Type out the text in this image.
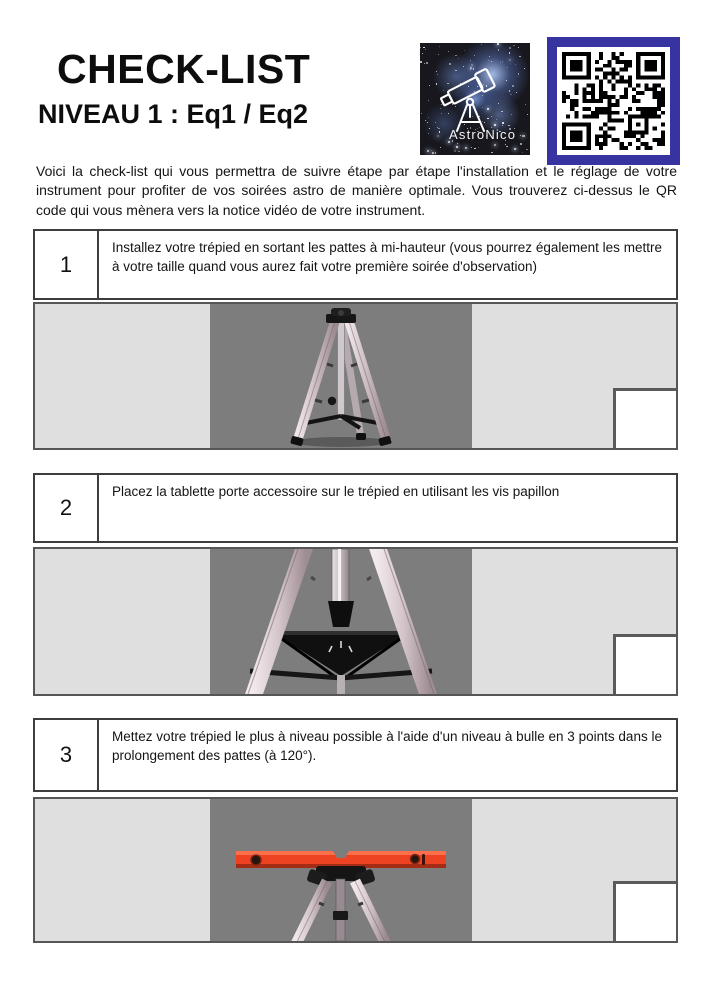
CHECK-LIST
NIVEAU 1 : Eq1 / Eq2
AstroNico

Voici la check-list qui vous permettra de suivre étape par étape l'installation et le réglage de votre instrument pour profiter de vos soirées astro de manière optimale. Vous trouverez ci-dessus le QR code qui vous mènera vers la notice vidéo de votre instrument.

1
Installez votre trépied en sortant les pattes à mi-hauteur (vous pourrez également les mettre à votre taille quand vous aurez fait votre première soirée d'observation)
2
Placez la tablette porte accessoire sur le trépied en utilisant les vis papillon
3
Mettez votre trépied le plus à niveau possible à l'aide d'un niveau à bulle en 3 points dans le prolongement des pattes (à 120°).
